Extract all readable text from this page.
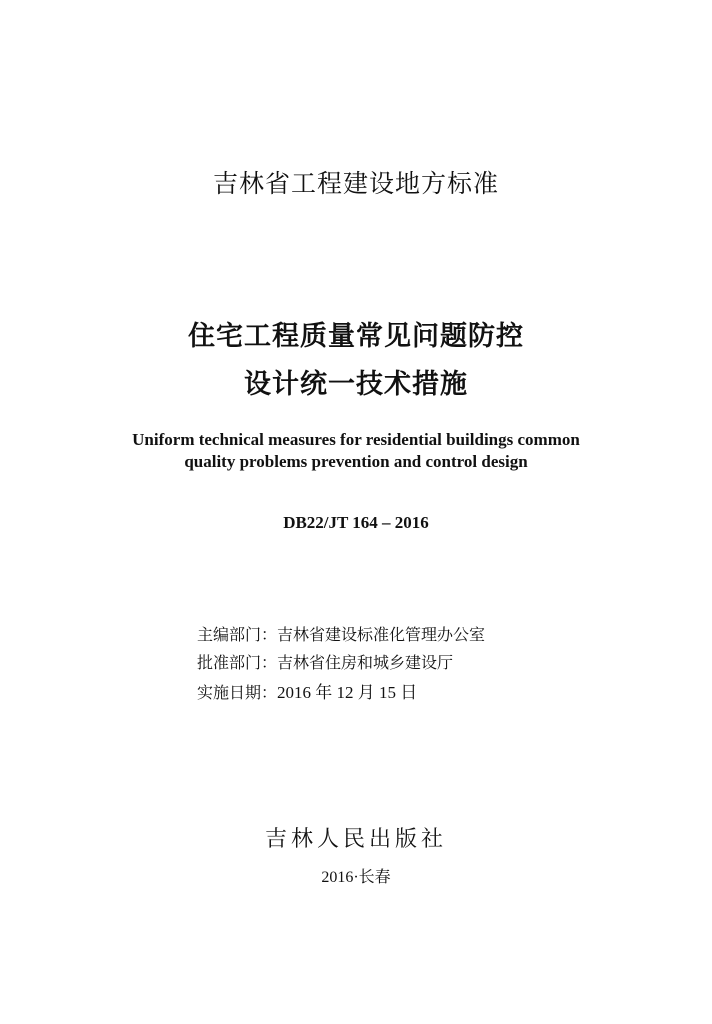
吉林省工程建设地方标准
住宅工程质量常见问题防控
设计统一技术措施
Uniform technical measures for residential buildings common
quality problems prevention and control design
DB22/JT 164 – 2016
主编部门：吉林省建设标准化管理办公室
批准部门：吉林省住房和城乡建设厅
实施日期：2016 年 12 月 15 日
吉林人民出版社
2016·长春
